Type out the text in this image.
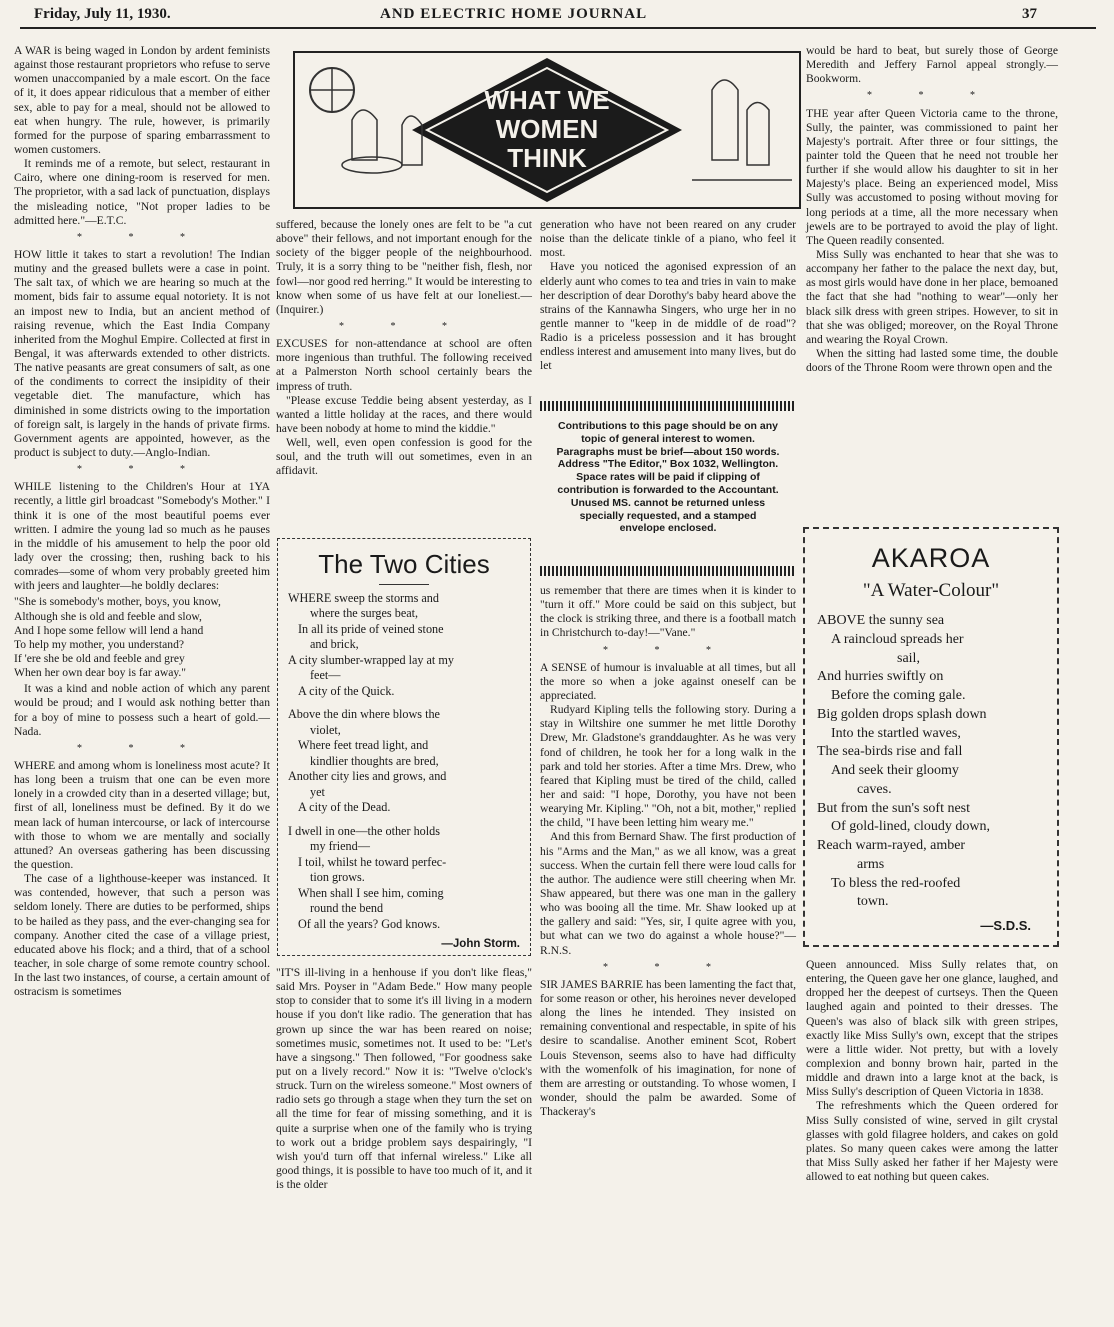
Friday, July 11, 1930.	AND ELECTRIC HOME JOURNAL	37
WHAT WE WOMEN THINK

A WAR is being waged in London by ardent feminists against those restaurant proprietors who refuse to serve women unaccompanied by a male escort. On the face of it, it does appear ridiculous that a member of either sex, able to pay for a meal, should not be allowed to eat when hungry. The rule, however, is primarily formed for the purpose of sparing embarrassment to women customers.

It reminds me of a remote, but select, restaurant in Cairo, where one dining-room is reserved for men. The proprietor, with a sad lack of punctuation, displays the misleading notice, "Not proper ladies to be admitted here."—E.T.C.

* * *

HOW little it takes to start a revolution! The Indian mutiny and the greased bullets were a case in point. The salt tax, of which we are hearing so much at the moment, bids fair to assume equal notoriety. It is not an impost new to India, but an ancient method of raising revenue, which the East India Company inherited from the Moghul Empire. Collected at first in Bengal, it was afterwards extended to other districts. The native peasants are great consumers of salt, as one of the condiments to correct the insipidity of their vegetable diet. The manufacture, which has diminished in some districts owing to the importation of foreign salt, is largely in the hands of private firms. Government agents are appointed, however, as the product is subject to duty.—Anglo-Indian.

* * *

WHILE listening to the Children's Hour at 1YA recently, a little girl broadcast "Somebody's Mother." I think it is one of the most beautiful poems ever written. I admire the young lad so much as he pauses in the middle of his amusement to help the poor old lady over the crossing; then, rushing back to his comrades—some of whom very probably greeted him with jeers and laughter—he boldly declares:

"She is somebody's mother, boys, you know,
Although she is old and feeble and slow,
And I hope some fellow will lend a hand
To help my mother, you understand?
If 'ere she be old and feeble and grey
When her own dear boy is far away."

It was a kind and noble action of which any parent would be proud; and I would ask nothing better than for a boy of mine to possess such a heart of gold.—Nada.

* * *

WHERE and among whom is loneliness most acute? It has long been a truism that one can be even more lonely in a crowded city than in a deserted village; but, first of all, loneliness must be defined. By it do we mean lack of human intercourse, or lack of intercourse with those to whom we are mentally and socially attuned? An overseas gathering has been discussing the question.

The case of a lighthouse-keeper was instanced. It was contended, however, that such a person was seldom lonely. There are duties to be performed, ships to be hailed as they pass, and the ever-changing sea for company. Another cited the case of a village priest, educated above his flock; and a third, that of a school teacher, in sole charge of some remote country school. In the last two instances, of course, a certain amount of ostracism is sometimes

suffered, because the lonely ones are felt to be "a cut above" their fellows, and not important enough for the society of the bigger people of the neighbourhood. Truly, it is a sorry thing to be "neither fish, flesh, nor fowl—nor good red herring." It would be interesting to know when some of us have felt at our loneliest.—(Inquirer.)

* * *

EXCUSES for non-attendance at school are often more ingenious than truthful. The following received at a Palmerston North school certainly bears the impress of truth.

"Please excuse Teddie being absent yesterday, as I wanted a little holiday at the races, and there would have been nobody at home to mind the kiddie."

Well, well, even open confession is good for the soul, and the truth will out sometimes, even in an affidavit.

The Two Cities
WHERE sweep the storms and
where the surges beat,
In all its pride of veined stone
and brick,
A city slumber-wrapped lay at my
feet—
A city of the Quick.
Above the din where blows the
violet,
Where feet tread light, and
kindlier thoughts are bred,
Another city lies and grows, and
yet
A city of the Dead.
I dwell in one—the other holds
my friend—
I toil, whilst he toward perfec-
tion grows.
When shall I see him, coming
round the bend
Of all the years? God knows.
—John Storm.

"IT'S ill-living in a henhouse if you don't like fleas," said Mrs. Poyser in "Adam Bede." How many people stop to consider that to some it's ill living in a modern house if you don't like radio. The generation that has grown up since the war has been reared on noise; sometimes music, sometimes not. It used to be: "Let's have a singsong." Then followed, "For goodness sake put on a lively record." Now it is: "Twelve o'clock's struck. Turn on the wireless someone." Most owners of radio sets go through a stage when they turn the set on all the time for fear of missing something, and it is quite a surprise when one of the family who is trying to work out a bridge problem says despairingly, "I wish you'd turn off that infernal wireless." Like all good things, it is possible to have too much of it, and it is the older

generation who have not been reared on any cruder noise than the delicate tinkle of a piano, who feel it most.

Have you noticed the agonised expression of an elderly aunt who comes to tea and tries in vain to make her description of dear Dorothy's baby heard above the strains of the Kannawha Singers, who urge her in no gentle manner to "keep in de middle of de road"? Radio is a priceless possession and it has brought endless interest and amusement into many lives, but do let

Contributions to this page should be on any topic of general interest to women. Paragraphs must be brief—about 150 words. Address "The Editor," Box 1032, Wellington. Space rates will be paid if clipping of contribution is forwarded to the Accountant. Unused MS. cannot be returned unless specially requested, and a stamped envelope enclosed.

us remember that there are times when it is kinder to "turn it off." More could be said on this subject, but the clock is striking three, and there is a football match in Christchurch to-day!—"Vane."

* * *

A SENSE of humour is invaluable at all times, but all the more so when a joke against oneself can be appreciated.

Rudyard Kipling tells the following story. During a stay in Wiltshire one summer he met little Dorothy Drew, Mr. Gladstone's granddaughter. As he was very fond of children, he took her for a long walk in the park and told her stories. After a time Mrs. Drew, who feared that Kipling must be tired of the child, called her and said: "I hope, Dorothy, you have not been wearying Mr. Kipling." "Oh, not a bit, mother," replied the child, "I have been letting him weary me."

And this from Bernard Shaw. The first production of his "Arms and the Man," as we all know, was a great success. When the curtain fell there were loud calls for the author. The audience were still cheering when Mr. Shaw appeared, but there was one man in the gallery who was booing all the time. Mr. Shaw looked up at the gallery and said: "Yes, sir, I quite agree with you, but what can we two do against a whole house?"—R.N.S.

* * *

SIR JAMES BARRIE has been lamenting the fact that, for some reason or other, his heroines never developed along the lines he intended. They insisted on remaining conventional and respectable, in spite of his desire to scandalise. Another eminent Scot, Robert Louis Stevenson, seems also to have had difficulty with the womenfolk of his imagination, for none of them are arresting or outstanding. To whose women, I wonder, should the palm be awarded. Some of Thackeray's

would be hard to beat, but surely those of George Meredith and Jeffery Farnol appeal strongly.—Bookworm.

* * *

THE year after Queen Victoria came to the throne, Sully, the painter, was commissioned to paint her Majesty's portrait. After three or four sittings, the painter told the Queen that he need not trouble her further if she would allow his daughter to sit in her Majesty's place. Being an experienced model, Miss Sully was accustomed to posing without moving for long periods at a time, all the more necessary when jewels are to be portrayed to avoid the play of light. The Queen readily consented.

Miss Sully was enchanted to hear that she was to accompany her father to the palace the next day, but, as most girls would have done in her place, bemoaned the fact that she had "nothing to wear"—only her black silk dress with green stripes. However, to sit in that she was obliged; moreover, on the Royal Throne and wearing the Royal Crown.

When the sitting had lasted some time, the double doors of the Throne Room were thrown open and the

AKAROA
"A Water-Colour"
ABOVE the sunny sea
A raincloud spreads her
sail,
And hurries swiftly on
Before the coming gale.
Big golden drops splash down
Into the startled waves,
The sea-birds rise and fall
And seek their gloomy
caves.
But from the sun's soft nest
Of gold-lined, cloudy down,
Reach warm-rayed, amber
arms
To bless the red-roofed
town.
—S.D.S.

Queen announced. Miss Sully relates that, on entering, the Queen gave her one glance, laughed, and dropped her the deepest of curtseys. Then the Queen laughed again and pointed to their dresses. The Queen's was also of black silk with green stripes, exactly like Miss Sully's own, except that the stripes were a little wider. Not pretty, but with a lovely complexion and bonny brown hair, parted in the middle and drawn into a large knot at the back, is Miss Sully's description of Queen Victoria in 1838.

The refreshments which the Queen ordered for Miss Sully consisted of wine, served in gilt crystal glasses with gold filagree holders, and cakes on gold plates. So many queen cakes were among the latter that Miss Sully asked her father if her Majesty were allowed to eat nothing but queen cakes.
